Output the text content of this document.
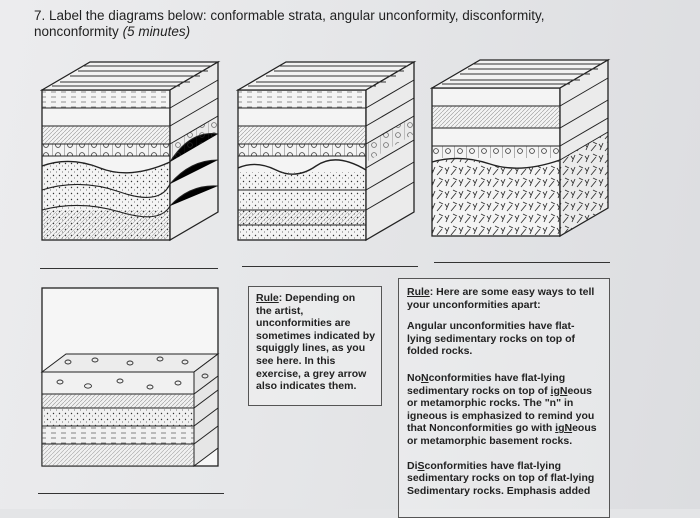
7. Label the diagrams below: conformable strata, angular unconformity, disconformity,
nonconformity (5 minutes)
Rule: Depending on
the artist,
unconformities are
sometimes indicated by
squiggly lines, as you
see here. In this
exercise, a grey arrow
also indicates them.

Rule: Here are some easy ways to tell
your unconformities apart:

Angular unconformities have flat-
lying sedimentary rocks on top of
folded rocks.

NoNconformities have flat-lying
sedimentary rocks on top of igNeous
or metamorphic rocks. The "n" in
igneous is emphasized to remind you
that Nonconformities go with igNeous
or metamorphic basement rocks.

DiSconformities have flat-lying
sedimentary rocks on top of flat-lying
Sedimentary rocks. Emphasis added
